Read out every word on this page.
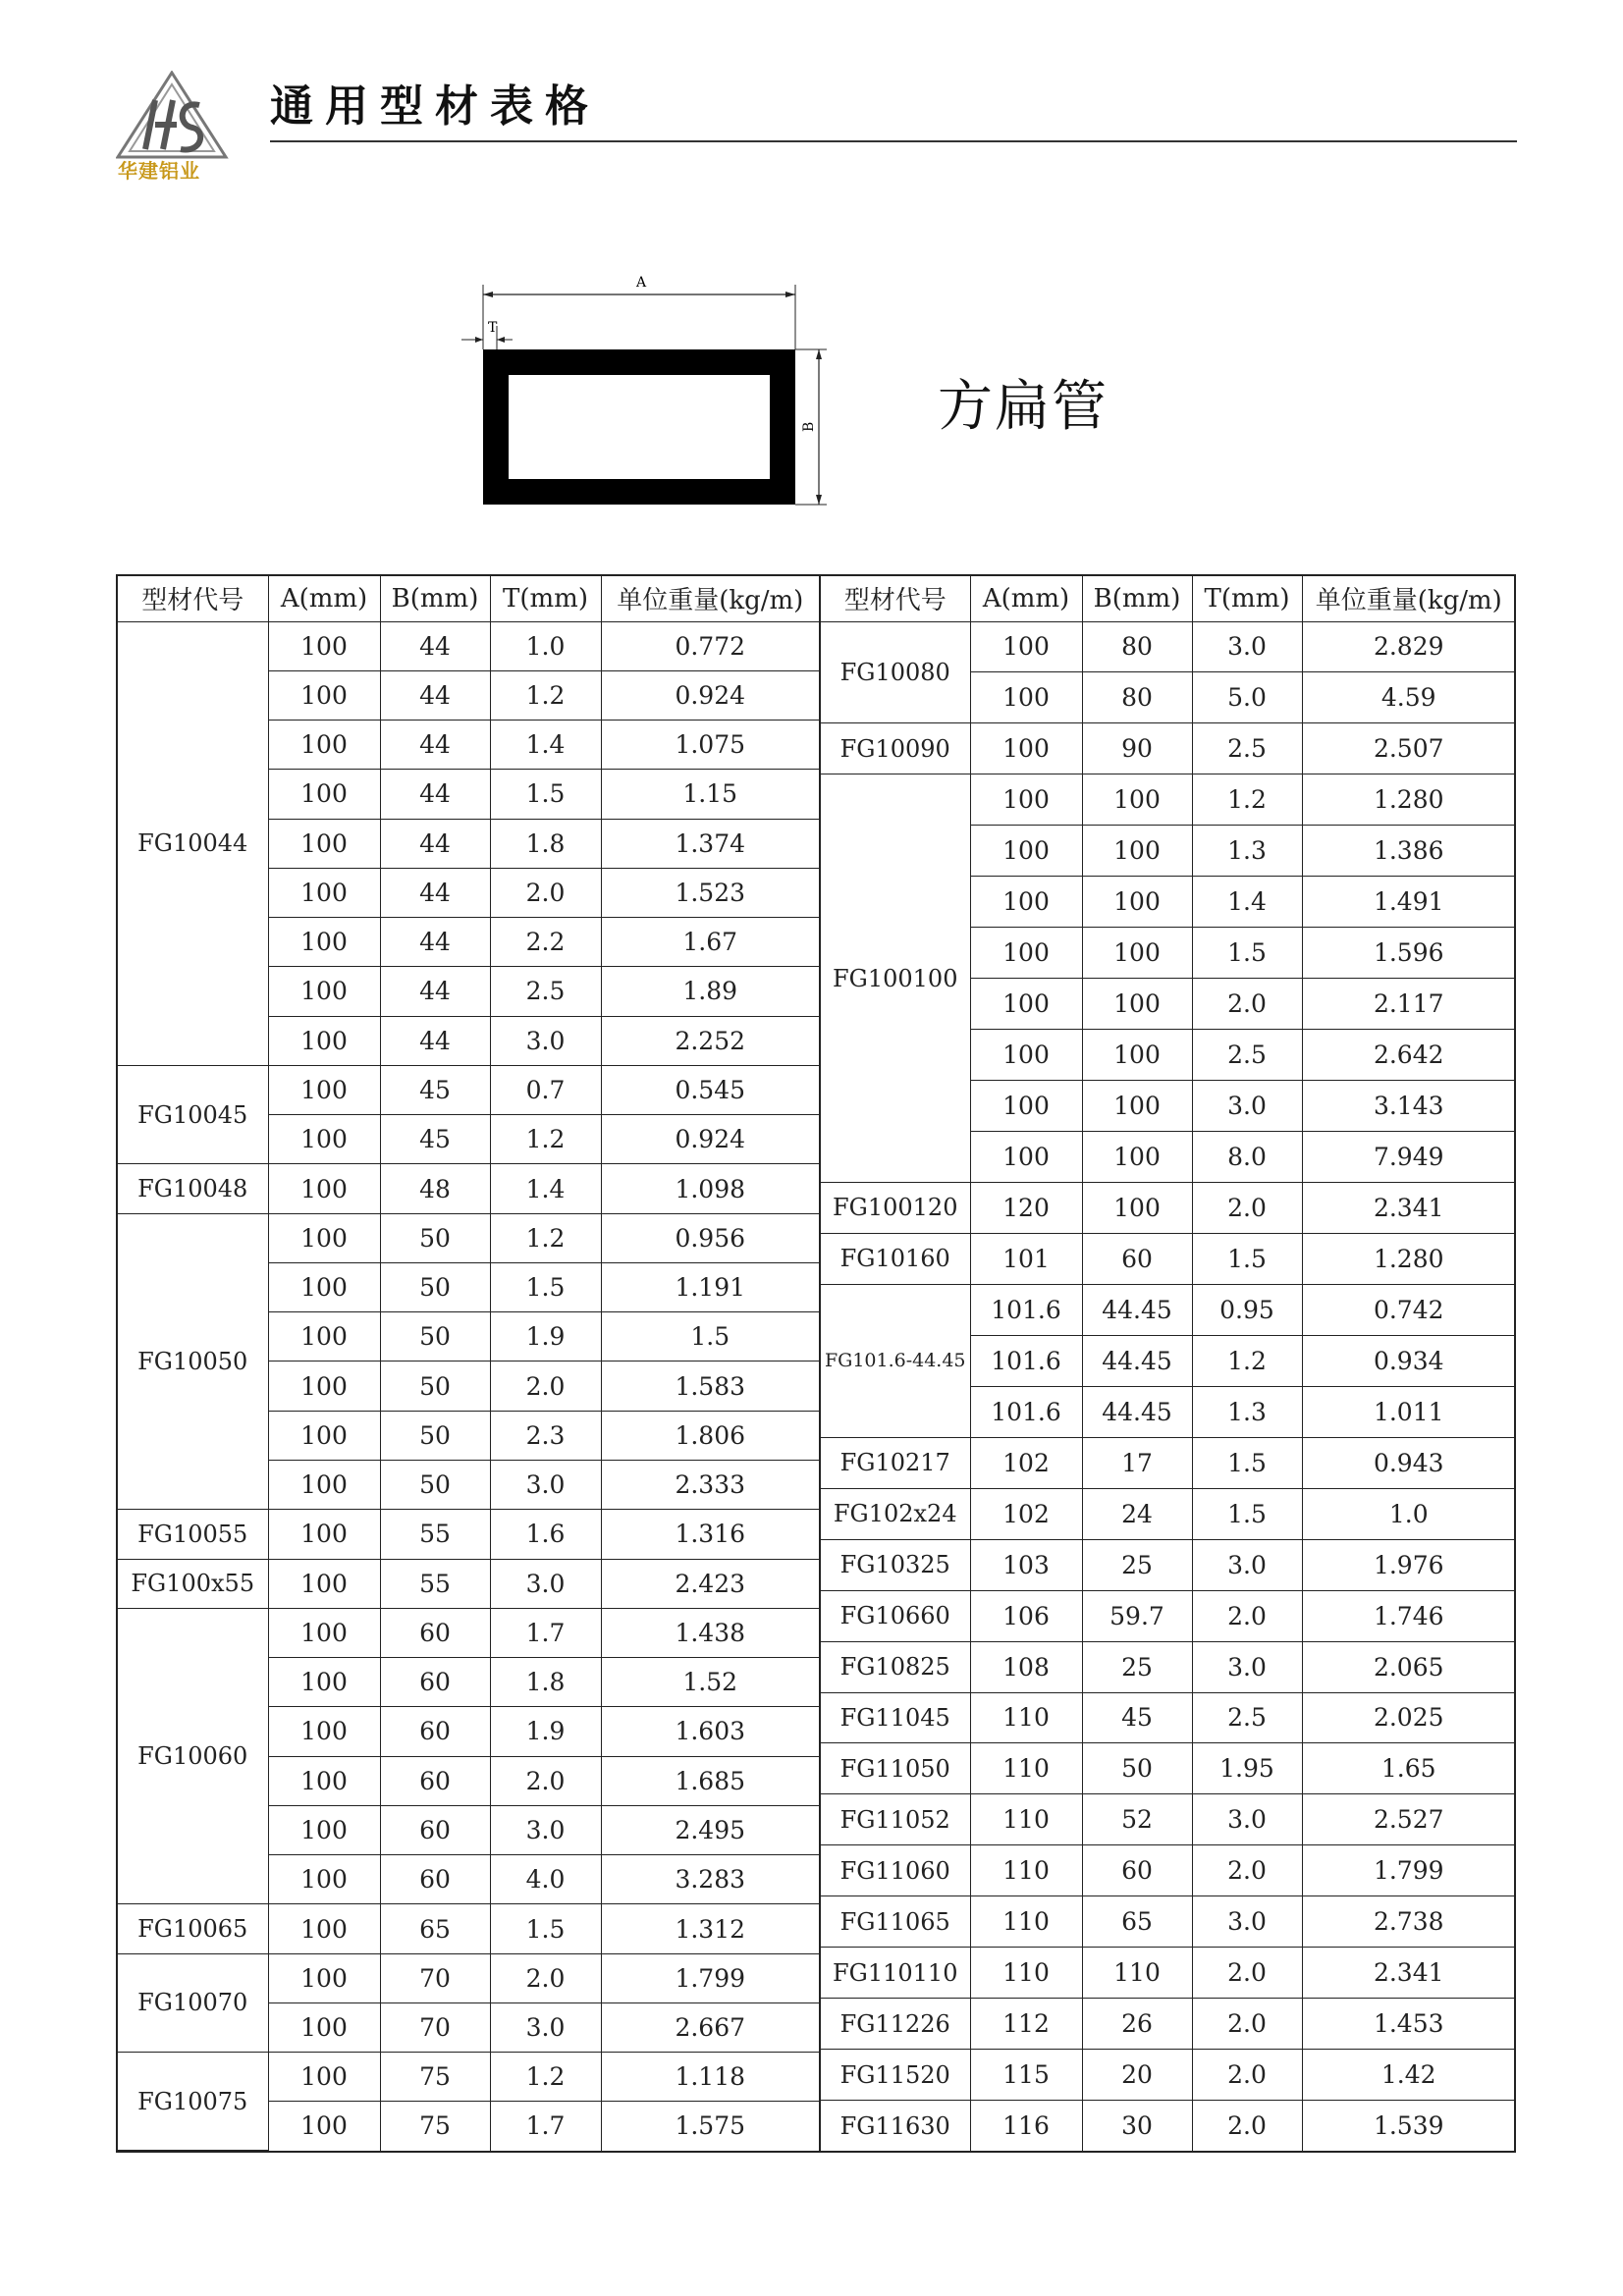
华建铝业
通用型材表格
A
T
B 方扁管
型材代号	A(mm)	B(mm)	T(mm)	单位重量(kg/m)
FG10044	100	44	1.0	0.772
	100	44	1.2	0.924
	100	44	1.4	1.075
	100	44	1.5	1.15
	100	44	1.8	1.374
	100	44	2.0	1.523
	100	44	2.2	1.67
	100	44	2.5	1.89
	100	44	3.0	2.252
FG10045	100	45	0.7	0.545
	100	45	1.2	0.924
FG10048	100	48	1.4	1.098
FG10050	100	50	1.2	0.956
	100	50	1.5	1.191
	100	50	1.9	1.5
	100	50	2.0	1.583
	100	50	2.3	1.806
	100	50	3.0	2.333
FG10055	100	55	1.6	1.316
FG100x55	100	55	3.0	2.423
FG10060	100	60	1.7	1.438
	100	60	1.8	1.52
	100	60	1.9	1.603
	100	60	2.0	1.685
	100	60	3.0	2.495
	100	60	4.0	3.283
FG10065	100	65	1.5	1.312
FG10070	100	70	2.0	1.799
	100	70	3.0	2.667
FG10075	100	75	1.2	1.118
	100	75	1.7	1.575
型材代号	A(mm)	B(mm)	T(mm)	单位重量(kg/m)
FG10080	100	80	3.0	2.829
	100	80	5.0	4.59
FG10090	100	90	2.5	2.507
FG100100	100	100	1.2	1.280
	100	100	1.3	1.386
	100	100	1.4	1.491
	100	100	1.5	1.596
	100	100	2.0	2.117
	100	100	2.5	2.642
	100	100	3.0	3.143
	100	100	8.0	7.949
FG100120	120	100	2.0	2.341
FG10160	101	60	1.5	1.280
FG101.6-44.45	101.6	44.45	0.95	0.742
	101.6	44.45	1.2	0.934
	101.6	44.45	1.3	1.011
FG10217	102	17	1.5	0.943
FG102x24	102	24	1.5	1.0
FG10325	103	25	3.0	1.976
FG10660	106	59.7	2.0	1.746
FG10825	108	25	3.0	2.065
FG11045	110	45	2.5	2.025
FG11050	110	50	1.95	1.65
FG11052	110	52	3.0	2.527
FG11060	110	60	2.0	1.799
FG11065	110	65	3.0	2.738
FG110110	110	110	2.0	2.341
FG11226	112	26	2.0	1.453
FG11520	115	20	2.0	1.42
FG11630	116	30	2.0	1.539
